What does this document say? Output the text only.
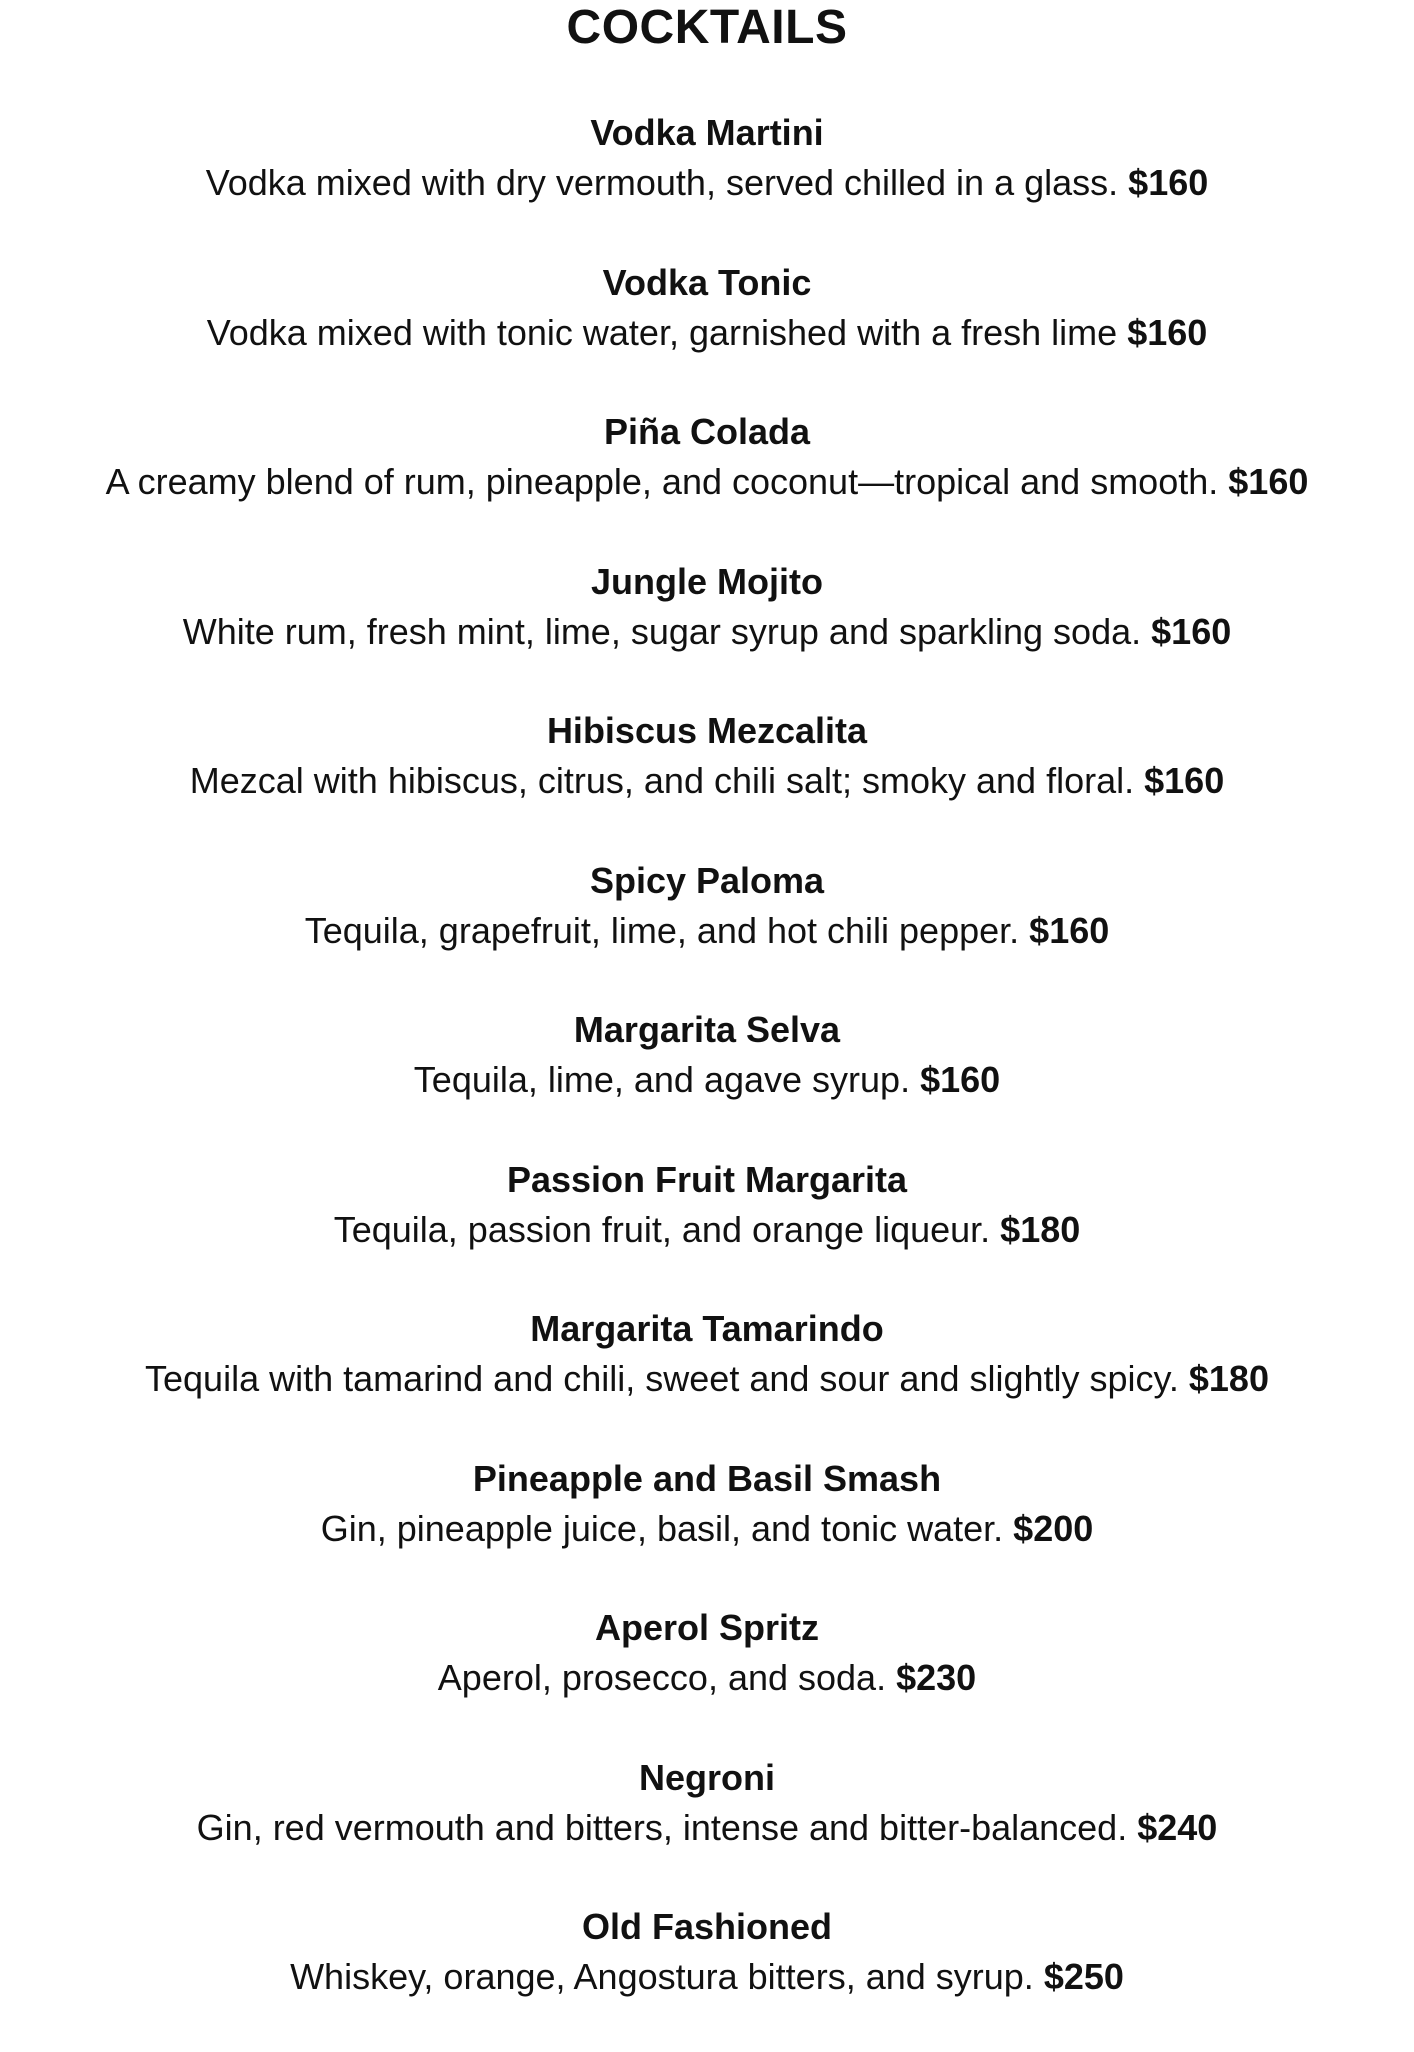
COCKTAILS
Vodka Martini
Vodka mixed with dry vermouth, served chilled in a glass. $160
Vodka Tonic
Vodka mixed with tonic water, garnished with a fresh lime $160
Piña Colada
A creamy blend of rum, pineapple, and coconut—tropical and smooth. $160
Jungle Mojito
White rum, fresh mint, lime, sugar syrup and sparkling soda. $160
Hibiscus Mezcalita
Mezcal with hibiscus, citrus, and chili salt; smoky and floral. $160
Spicy Paloma
Tequila, grapefruit, lime, and hot chili pepper. $160
Margarita Selva
Tequila, lime, and agave syrup. $160
Passion Fruit Margarita
Tequila, passion fruit, and orange liqueur. $180
Margarita Tamarindo
Tequila with tamarind and chili, sweet and sour and slightly spicy. $180
Pineapple and Basil Smash
Gin, pineapple juice, basil, and tonic water. $200
Aperol Spritz
Aperol, prosecco, and soda. $230
Negroni
Gin, red vermouth and bitters, intense and bitter-balanced. $240
Old Fashioned
Whiskey, orange, Angostura bitters, and syrup. $250
